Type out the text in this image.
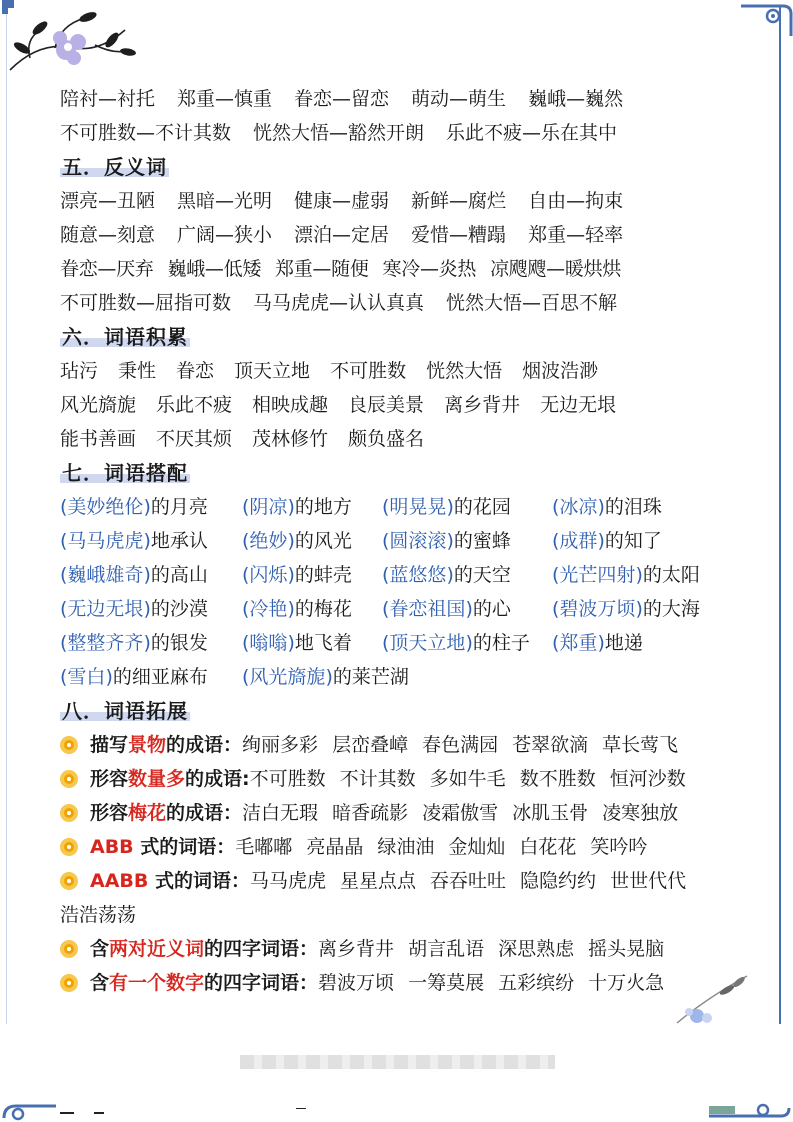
陪衬—衬托 郑重—慎重 眷恋—留恋 萌动—萌生 巍峨—巍然
不可胜数—不计其数 恍然大悟—豁然开朗 乐此不疲—乐在其中
五．反义词
漂亮—丑陋 黑暗—光明 健康—虚弱 新鲜—腐烂 自由—拘束
随意—刻意 广阔—狭小 漂泊—定居 爱惜—糟蹋 郑重—轻率
眷恋—厌弃 巍峨—低矮 郑重—随便 寒冷—炎热 凉飕飕—暖烘烘
不可胜数—屈指可数 马马虎虎—认认真真 恍然大悟—百思不解
六．词语积累
玷污 秉性 眷恋 顶天立地 不可胜数 恍然大悟 烟波浩渺
风光旖旎 乐此不疲 相映成趣 良辰美景 离乡背井 无边无垠
能书善画 不厌其烦 茂林修竹 颇负盛名
七．词语搭配
(美妙绝伦)的月亮 (阴凉)的地方 (明晃晃)的花园 (冰凉)的泪珠
(马马虎虎)地承认 (绝妙)的风光 (圆滚滚)的蜜蜂 (成群)的知了
(巍峨雄奇)的高山 (闪烁)的蚌壳 (蓝悠悠)的天空 (光芒四射)的太阳
(无边无垠)的沙漠 (冷艳)的梅花 (眷恋祖国)的心 (碧波万顷)的大海
(整整齐齐)的银发 (嗡嗡)地飞着 (顶天立地)的柱子 (郑重)地递
(雪白)的细亚麻布 (风光旖旎)的莱芒湖
八．词语拓展
描写景物的成语：绚丽多彩 层峦叠嶂 春色满园 苍翠欲滴 草长莺飞
形容数量多的成语:不可胜数 不计其数 多如牛毛 数不胜数 恒河沙数
形容梅花的成语：洁白无瑕 暗香疏影 凌霜傲雪 冰肌玉骨 凌寒独放
ABB 式的词语：毛嘟嘟 亮晶晶 绿油油 金灿灿 白花花 笑吟吟
AABB 式的词语：马马虎虎 星星点点 吞吞吐吐 隐隐约约 世世代代
浩浩荡荡
含两对近义词的四字词语：离乡背井 胡言乱语 深思熟虑 摇头晃脑
含有一个数字的四字词语：碧波万顷 一筹莫展 五彩缤纷 十万火急
